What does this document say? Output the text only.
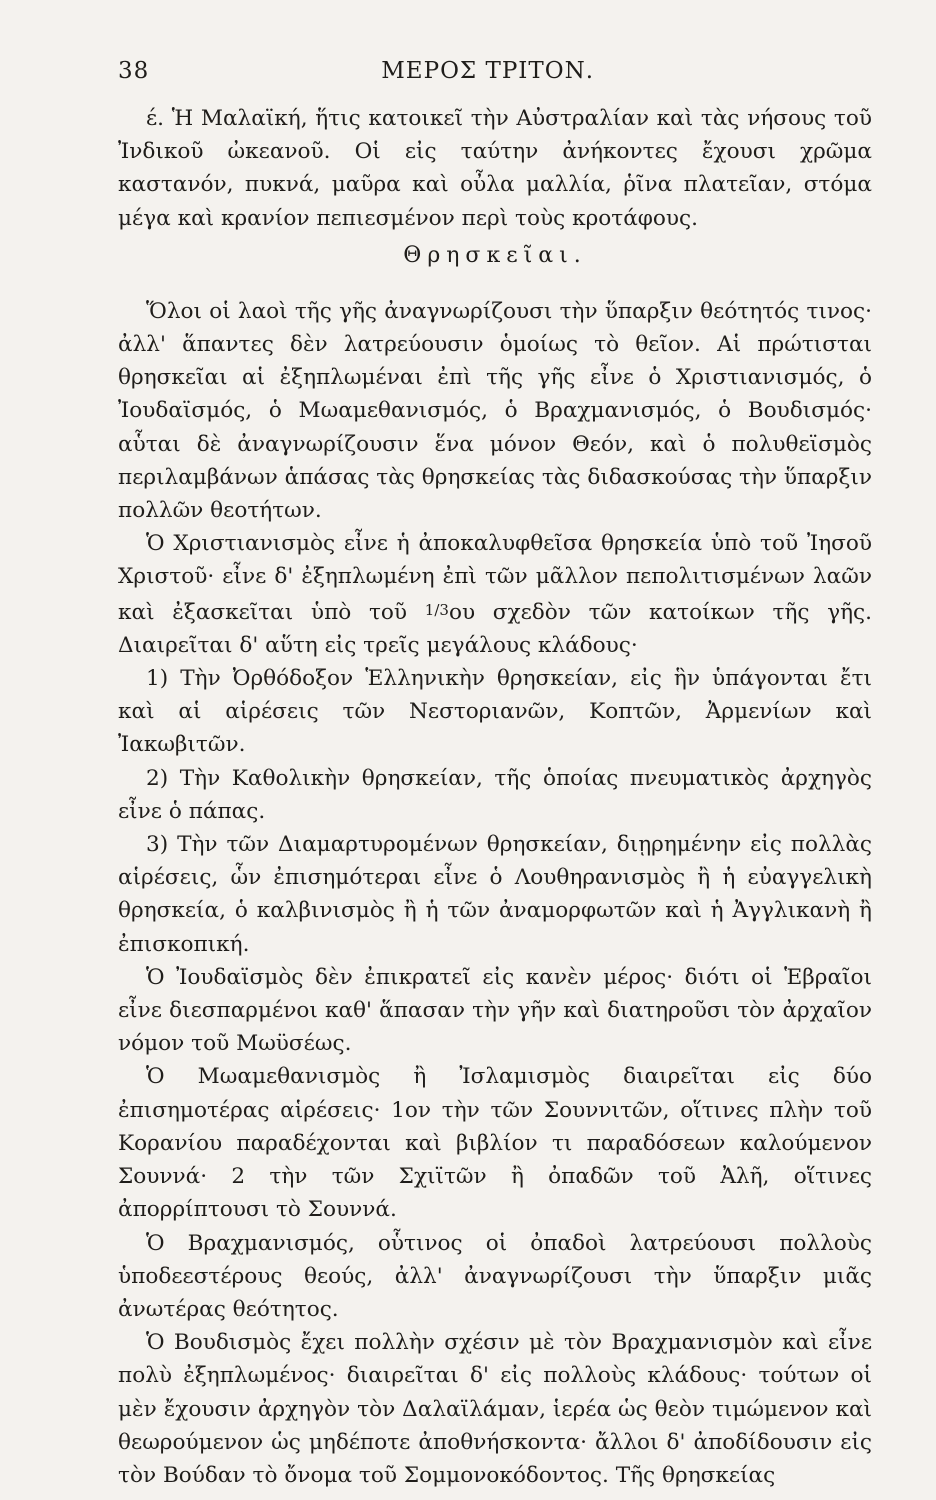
38	ΜΕΡΟΣ ΤΡΙΤΟΝ.

έ. Ἡ Μαλαϊκή, ἥτις κατοικεῖ τὴν Αὐστραλίαν καὶ τὰς νήσους τοῦ Ἰνδικοῦ ὠκεανοῦ. Οἱ εἰς ταύτην ἀνήκοντες ἔχουσι χρῶμα καστανόν, πυκνά, μαῦρα καὶ οὖλα μαλλία, ῥῖνα πλατεῖαν, στόμα μέγα καὶ κρανίον πεπιεσμένον περὶ τοὺς κροτάφους.

Θρησκεῖαι.

Ὅλοι οἱ λαοὶ τῆς γῆς ἀναγνωρίζουσι τὴν ὕπαρξιν θεότητός τινος· ἀλλ' ἅπαντες δὲν λατρεύουσιν ὁμοίως τὸ θεῖον. Αἱ πρώτισται θρησκεῖαι αἱ ἐξηπλωμέναι ἐπὶ τῆς γῆς εἶνε ὁ Χριστιανισμός, ὁ Ἰουδαϊσμός, ὁ Μωαμεθανισμός, ὁ Βραχμανισμός, ὁ Βουδισμός· αὗται δὲ ἀναγνωρίζουσιν ἕνα μόνον Θεόν, καὶ ὁ πολυθεϊσμὸς περιλαμβάνων ἁπάσας τὰς θρησκείας τὰς διδασκούσας τὴν ὕπαρξιν πολλῶν θεοτήτων.

Ὁ Χριστιανισμὸς εἶνε ἡ ἀποκαλυφθεῖσα θρησκεία ὑπὸ τοῦ Ἰησοῦ Χριστοῦ· εἶνε δ' ἐξηπλωμένη ἐπὶ τῶν μᾶλλον πεπολιτισμένων λαῶν καὶ ἐξασκεῖται ὑπὸ τοῦ 1/3ου σχεδὸν τῶν κατοίκων τῆς γῆς. Διαιρεῖται δ' αὕτη εἰς τρεῖς μεγάλους κλάδους·

1) Τὴν Ὀρθόδοξον Ἑλληνικὴν θρησκείαν, εἰς ἣν ὑπάγονται ἔτι καὶ αἱ αἱρέσεις τῶν Νεστοριανῶν, Κοπτῶν, Ἀρμενίων καὶ Ἰακωβιτῶν.

2) Τὴν Καθολικὴν θρησκείαν, τῆς ὁποίας πνευματικὸς ἀρχηγὸς εἶνε ὁ πάπας.

3) Τὴν τῶν Διαμαρτυρομένων θρησκείαν, διῃρημένην εἰς πολλὰς αἱρέσεις, ὧν ἐπισημότεραι εἶνε ὁ Λουθηρανισμὸς ἢ ἡ εὐαγγελικὴ θρησκεία, ὁ καλβινισμὸς ἢ ἡ τῶν ἀναμορφωτῶν καὶ ἡ Ἀγγλικανὴ ἢ ἐπισκοπική.

Ὁ Ἰουδαϊσμὸς δὲν ἐπικρατεῖ εἰς κανὲν μέρος· διότι οἱ Ἑβραῖοι εἶνε διεσπαρμένοι καθ' ἅπασαν τὴν γῆν καὶ διατηροῦσι τὸν ἀρχαῖον νόμον τοῦ Μωϋσέως.

Ὁ Μωαμεθανισμὸς ἢ Ἰσλαμισμὸς διαιρεῖται εἰς δύο ἐπισημοτέρας αἱρέσεις· 1ον τὴν τῶν Σουννιτῶν, οἵτινες πλὴν τοῦ Κορανίου παραδέχονται καὶ βιβλίον τι παραδόσεων καλούμενον Σουννά· 2 τὴν τῶν Σχιϊτῶν ἢ ὀπαδῶν τοῦ Ἀλῆ, οἵτινες ἀπορρίπτουσι τὸ Σουννά.

Ὁ Βραχμανισμός, οὗτινος οἱ ὀπαδοὶ λατρεύουσι πολλοὺς ὑποδεεστέρους θεούς, ἀλλ' ἀναγνωρίζουσι τὴν ὕπαρξιν μιᾶς ἀνωτέρας θεότητος.

Ὁ Βουδισμὸς ἔχει πολλὴν σχέσιν μὲ τὸν Βραχμανισμὸν καὶ εἶνε πολὺ ἐξηπλωμένος· διαιρεῖται δ' εἰς πολλοὺς κλάδους· τούτων οἱ μὲν ἔχουσιν ἀρχηγὸν τὸν Δαλαϊλάμαν, ἱερέα ὡς θεὸν τιμώμενον καὶ θεωρούμενον ὡς μηδέποτε ἀποθνήσκοντα· ἄλλοι δ' ἀποδίδουσιν εἰς τὸν Βούδαν τὸ ὄνομα τοῦ Σομμονοκόδοντος. Τῆς θρησκείας
